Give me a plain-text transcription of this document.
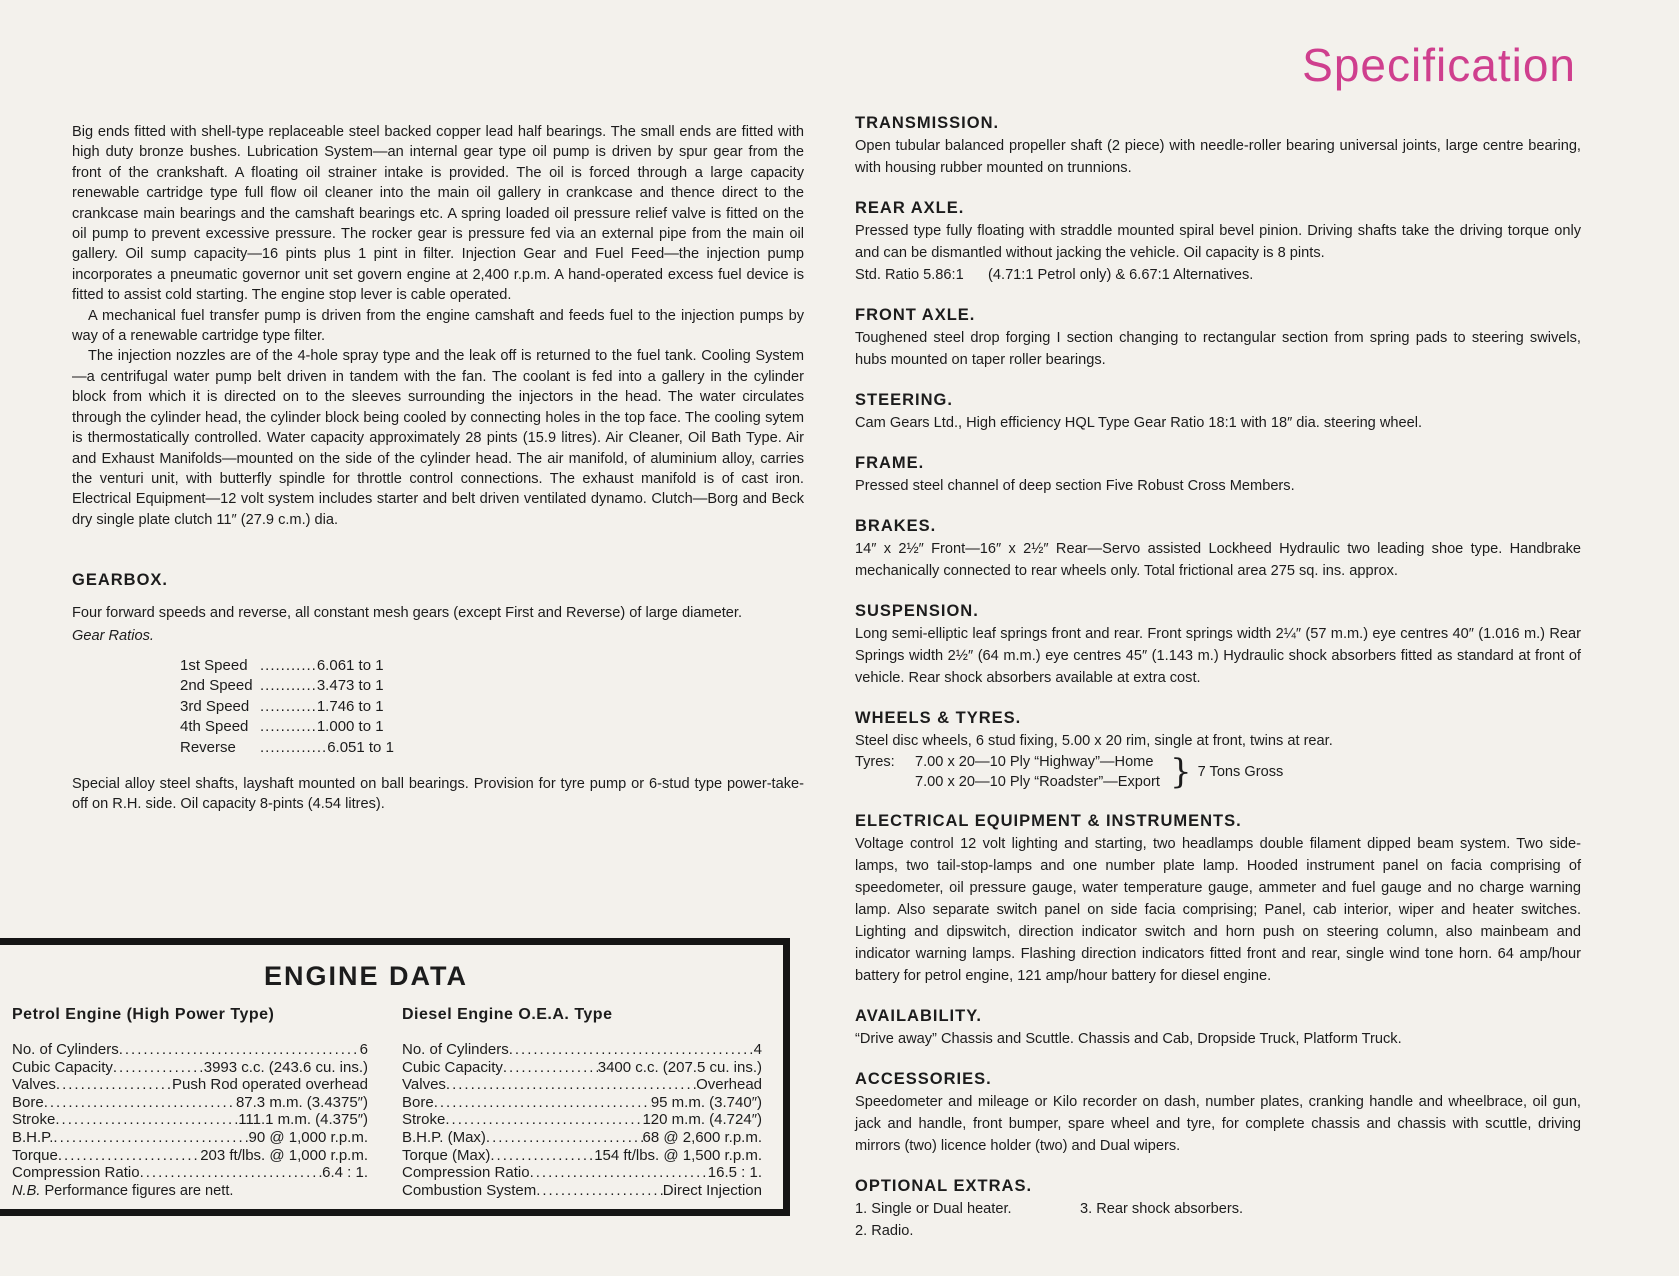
Specification

Big ends fitted with shell-type replaceable steel backed copper lead half bearings. The small ends are fitted with high duty bronze bushes. Lubrication System—an internal gear type oil pump is driven by spur gear from the front of the crankshaft. A floating oil strainer intake is provided. The oil is forced through a large capacity renewable cartridge type full flow oil cleaner into the main oil gallery in crankcase and thence direct to the crankcase main bearings and the camshaft bearings etc. A spring loaded oil pressure relief valve is fitted on the oil pump to prevent excessive pressure. The rocker gear is pressure fed via an external pipe from the main oil gallery. Oil sump capacity—16 pints plus 1 pint in filter. Injection Gear and Fuel Feed—the injection pump incorporates a pneumatic governor unit set govern engine at 2,400 r.p.m. A hand-operated excess fuel device is fitted to assist cold starting. The engine stop lever is cable operated.

A mechanical fuel transfer pump is driven from the engine camshaft and feeds fuel to the injection pumps by way of a renewable cartridge type filter.

The injection nozzles are of the 4-hole spray type and the leak off is returned to the fuel tank. Cooling System—a centrifugal water pump belt driven in tandem with the fan. The coolant is fed into a gallery in the cylinder block from which it is directed on to the sleeves surrounding the injectors in the head. The water circulates through the cylinder head, the cylinder block being cooled by connecting holes in the top face. The cooling sytem is thermostatically controlled. Water capacity approximately 28 pints (15.9 litres). Air Cleaner, Oil Bath Type. Air and Exhaust Manifolds—mounted on the side of the cylinder head. The air manifold, of aluminium alloy, carries the venturi unit, with butterfly spindle for throttle control connections. The exhaust manifold is of cast iron. Electrical Equipment—12 volt system includes starter and belt driven ventilated dynamo. Clutch—Borg and Beck dry single plate clutch 11″ (27.9 c.m.) dia.

GEARBOX.

Four forward speeds and reverse, all constant mesh gears (except First and Reverse) of large diameter.

Gear Ratios.

1st Speed ........... 6.061 to 1
2nd Speed ........... 3.473 to 1
3rd Speed ........... 1.746 to 1
4th Speed ........... 1.000 to 1
Reverse	............. 6.051 to 1

Special alloy steel shafts, layshaft mounted on ball bearings. Provision for tyre pump or 6-stud type power-take-off on R.H. side. Oil capacity 8-pints (4.54 litres).

ENGINE DATA

Petrol Engine (High Power Type)

No. of Cylinders .....	6
Cubic Capacity .....	3993 c.c. (243.6 cu. ins.)
Valves .....	Push Rod operated overhead
Bore .....	87.3 m.m. (3.4375″)
Stroke .....	111.1 m.m. (4.375″)
B.H.P. .....	90 @ 1,000 r.p.m.
Torque .....	203 ft/lbs. @ 1,000 r.p.m.
Compression Ratio .....	6.4 : 1.
N.B. Performance figures are nett.

Diesel Engine O.E.A. Type

No. of Cylinders .....	4
Cubic Capacity .....	3400 c.c. (207.5 cu. ins.)
Valves .....	Overhead
Bore .....	95 m.m. (3.740″)
Stroke .....	120 m.m. (4.724″)
B.H.P. (Max) .....	68 @ 2,600 r.p.m.
Torque (Max) .....	154 ft/lbs. @ 1,500 r.p.m.
Compression Ratio .....	16.5 : 1.
Combustion System .....	Direct Injection
TRANSMISSION.

Open tubular balanced propeller shaft (2 piece) with needle-roller bearing universal joints, large centre bearing, with housing rubber mounted on trunnions.

REAR AXLE.

Pressed type fully floating with straddle mounted spiral bevel pinion. Driving shafts take the driving torque only and can be dismantled without jacking the vehicle. Oil capacity is 8 pints.

Std. Ratio 5.86:1      (4.71:1 Petrol only) & 6.67:1 Alternatives.

FRONT AXLE.

Toughened steel drop forging I section changing to rectangular section from spring pads to steering swivels, hubs mounted on taper roller bearings.

STEERING.

Cam Gears Ltd., High efficiency HQL Type Gear Ratio 18:1 with 18″ dia. steering wheel.

FRAME.

Pressed steel channel of deep section Five Robust Cross Members.

BRAKES.

14″ x 2½″ Front—16″ x 2½″ Rear—Servo assisted Lockheed Hydraulic two leading shoe type. Handbrake mechanically connected to rear wheels only. Total frictional area 275 sq. ins. approx.

SUSPENSION.

Long semi-elliptic leaf springs front and rear. Front springs width 2¼″ (57 m.m.) eye centres 40″ (1.016 m.) Rear Springs width 2½″ (64 m.m.) eye centres 45″ (1.143 m.) Hydraulic shock absorbers fitted as standard at front of vehicle. Rear shock absorbers available at extra cost.

WHEELS & TYRES.

Steel disc wheels, 6 stud fixing, 5.00 x 20 rim, single at front, twins at rear.

Tyres:	7.00 x 20—10 Ply “Highway”—Home
7.00 x 20—10 Ply “Roadster”—Export } 7 Tons Gross
ELECTRICAL EQUIPMENT & INSTRUMENTS.

Voltage control 12 volt lighting and starting, two headlamps double filament dipped beam system. Two side-lamps, two tail-stop-lamps and one number plate lamp. Hooded instrument panel on facia comprising of speedometer, oil pressure gauge, water temperature gauge, ammeter and fuel gauge and no charge warning lamp. Also separate switch panel on side facia comprising; Panel, cab interior, wiper and heater switches. Lighting and dipswitch, direction indicator switch and horn push on steering column, also mainbeam and indicator warning lamps. Flashing direction indicators fitted front and rear, single wind tone horn. 64 amp/hour battery for petrol engine, 121 amp/hour battery for diesel engine.

AVAILABILITY.

“Drive away” Chassis and Scuttle. Chassis and Cab, Dropside Truck, Platform Truck.

ACCESSORIES.

Speedometer and mileage or Kilo recorder on dash, number plates, cranking handle and wheelbrace, oil gun, jack and handle, front bumper, spare wheel and tyre, for complete chassis and chassis with scuttle, driving mirrors (two) licence holder (two) and Dual wipers.

OPTIONAL EXTRAS.
1. Single or Dual heater.	3. Rear shock absorbers.
2. Radio.
